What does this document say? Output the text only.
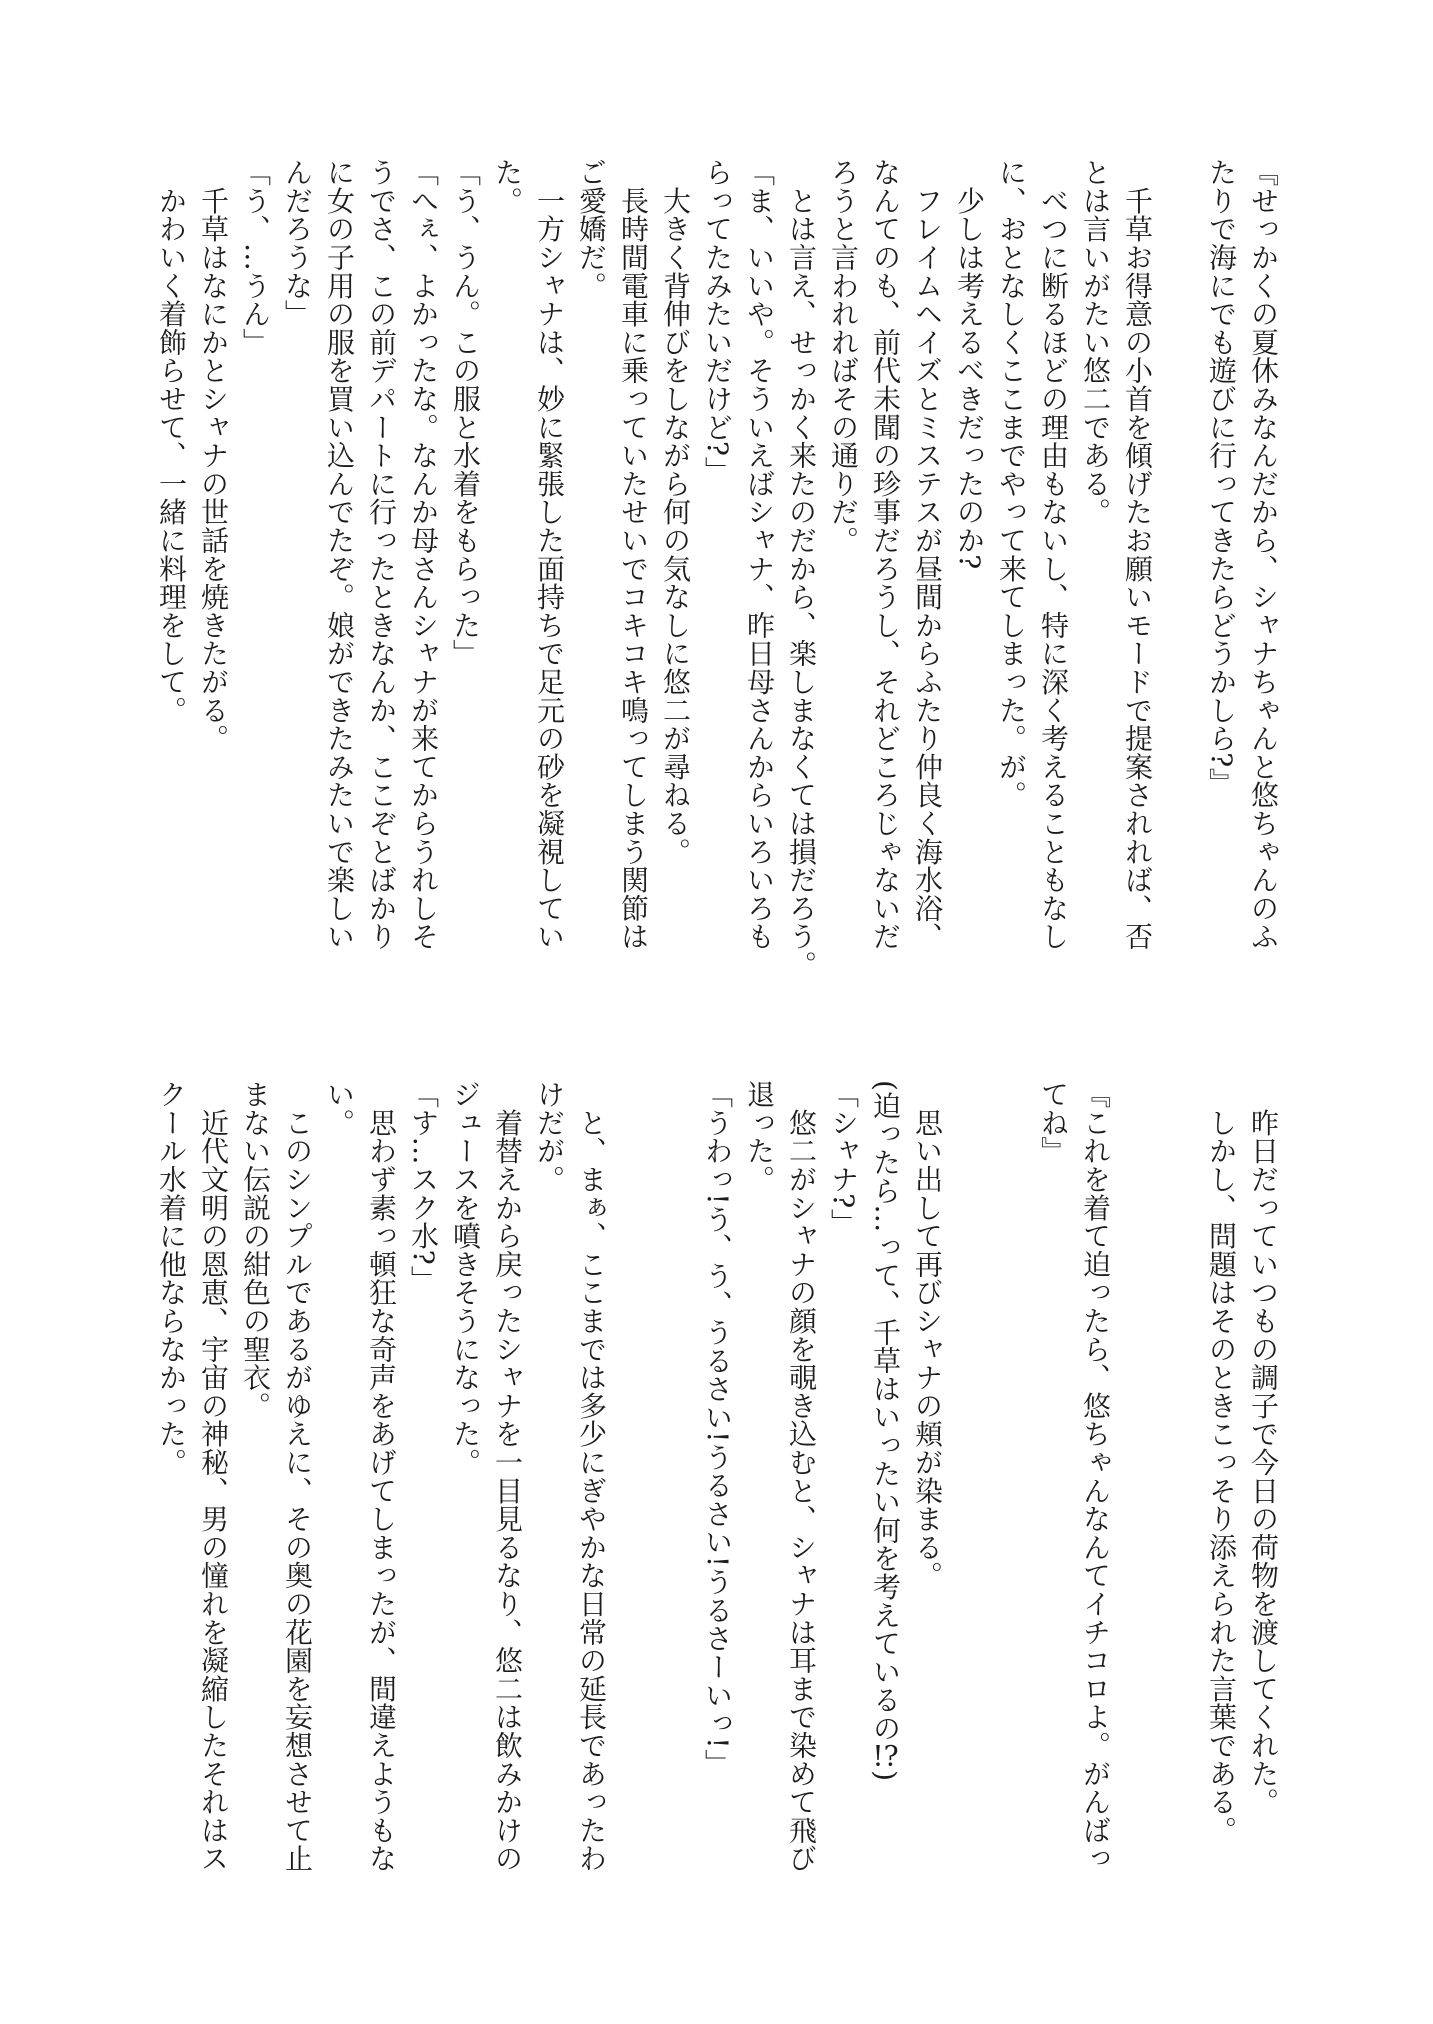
『せっかくの夏休みなんだから、シャナちゃんと悠ちゃんのふ
たりで海にでも遊びに行ってきたらどうかしら?』

　千草お得意の小首を傾げたお願いモードで提案されれば、否
とは言いがたい悠二である。
　べつに断るほどの理由もないし、特に深く考えることもなし
に、おとなしくここまでやって来てしまった。が。
　少しは考えるべきだったのか?
　フレイムヘイズとミステスが昼間からふたり仲良く海水浴、
なんてのも、前代未聞の珍事だろうし、それどころじゃないだ
ろうと言われればその通りだ。
　とは言え、せっかく来たのだから、楽しまなくては損だろう。
「ま、いいや。そういえばシャナ、昨日母さんからいろいろも
らってたみたいだけど?」
　大きく背伸びをしながら何の気なしに悠二が尋ねる。
　長時間電車に乗っていたせいでコキコキ鳴ってしまう関節は
ご愛嬌だ。
　一方シャナは、妙に緊張した面持ちで足元の砂を凝視してい
た。
「う、うん。この服と水着をもらった」
「へぇ、よかったな。なんか母さんシャナが来てからうれしそ
うでさ、この前デパートに行ったときなんか、ここぞとばかり
に女の子用の服を買い込んでたぞ。娘ができたみたいで楽しい
んだろうな」
「う、…うん」
　千草はなにかとシャナの世話を焼きたがる。
　かわいく着飾らせて、一緒に料理をして。
　昨日だっていつもの調子で今日の荷物を渡してくれた。
　しかし、問題はそのときこっそり添えられた言葉である。

『これを着て迫ったら、悠ちゃんなんてイチコロよ。がんばっ
てね』

　思い出して再びシャナの頬が染まる。
(迫ったら…って、千草はいったい何を考えているの!?)
「シャナ?」
　悠二がシャナの顔を覗き込むと、シャナは耳まで染めて飛び
退った。
「うわっ!う、う、うるさい!うるさい!うるさーいっ!」

　と、まぁ、ここまでは多少にぎやかな日常の延長であったわ
けだが。
　着替えから戻ったシャナを一目見るなり、悠二は飲みかけの
ジュースを噴きそうになった。
「す…スク水?」
　思わず素っ頓狂な奇声をあげてしまったが、間違えようもな
い。
　このシンプルであるがゆえに、その奥の花園を妄想させて止
まない伝説の紺色の聖衣。
　近代文明の恩恵、宇宙の神秘、男の憧れを凝縮したそれはス
クール水着に他ならなかった。
